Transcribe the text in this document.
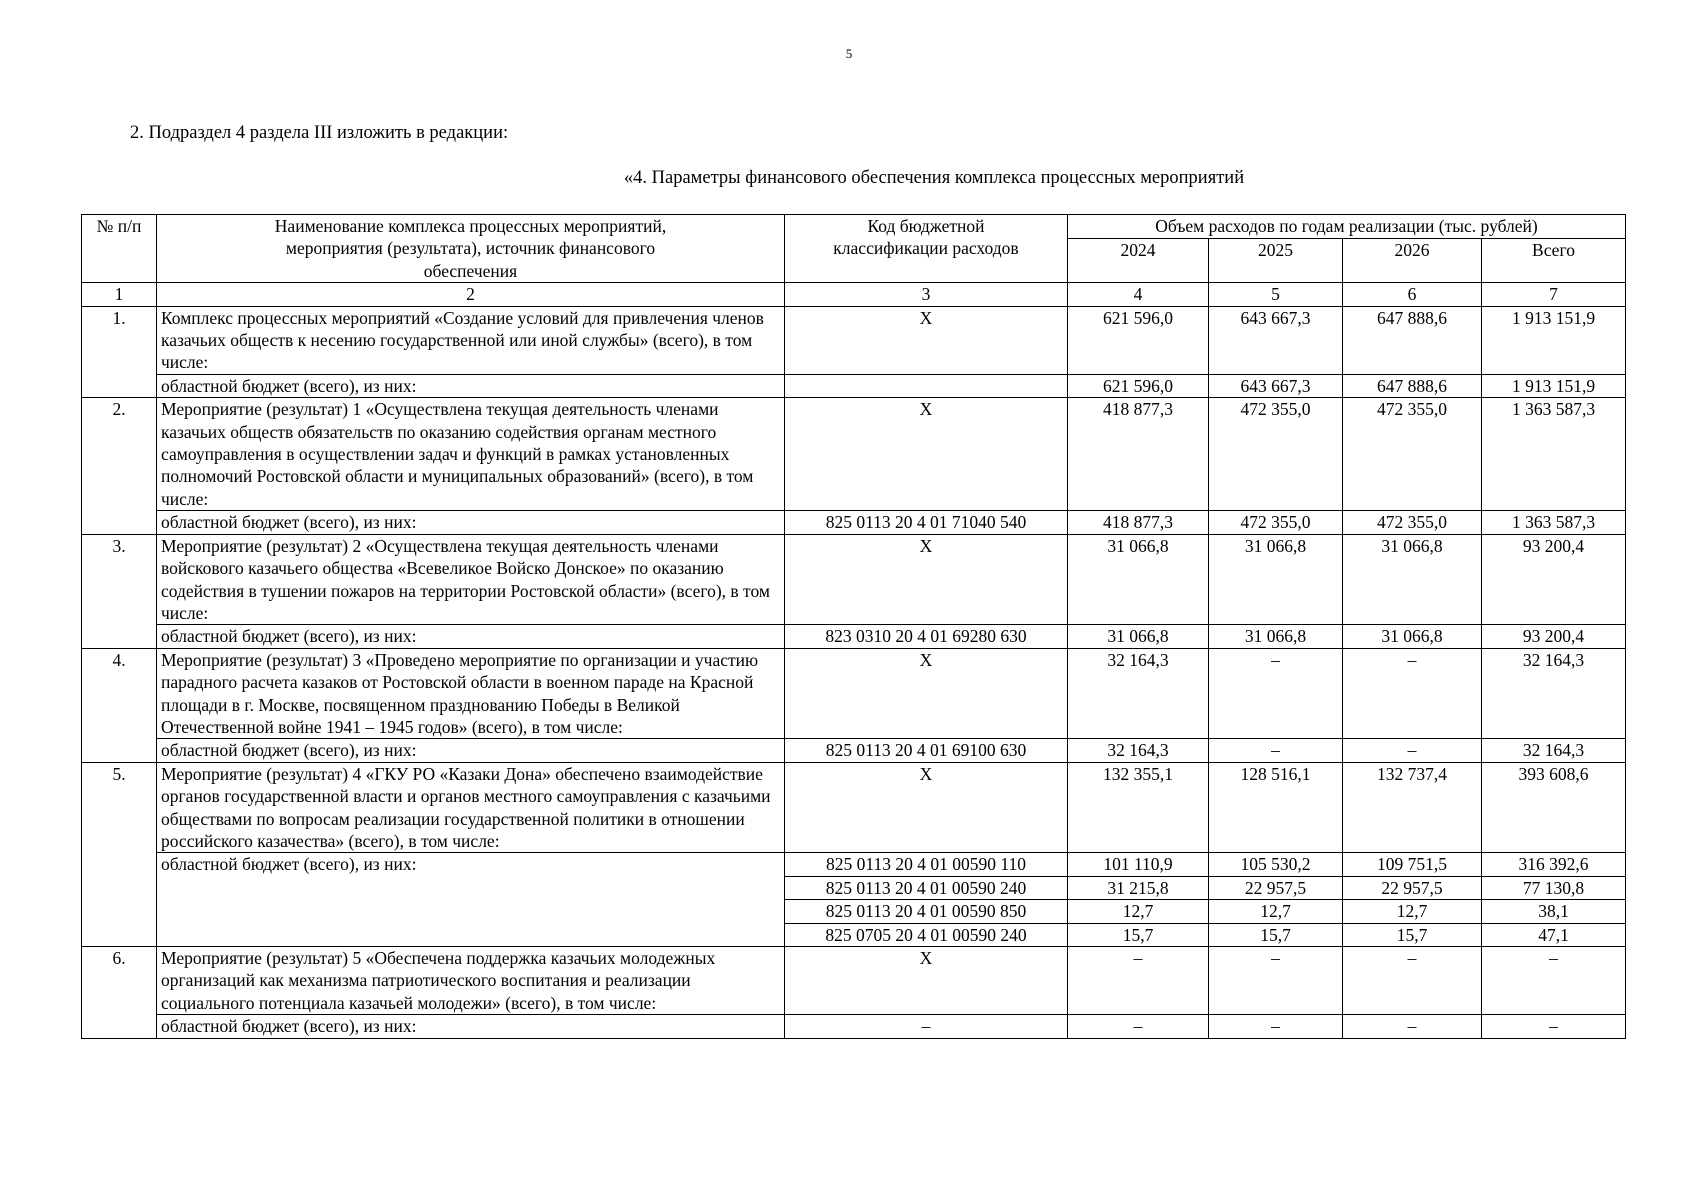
5
2. Подраздел 4 раздела III изложить в редакции:
«4. Параметры финансового обеспечения комплекса процессных мероприятий
№ п/п	Наименование комплекса процессных мероприятий, мероприятия (результата), источник финансового обеспечения	Код бюджетной классификации расходов	Объем расходов по годам реализации (тыс. рублей)			
			2024	2025	2026	Всего
1	2	3	4	5	6	7
1.	Комплекс процессных мероприятий «Создание условий для привлечения членов казачьих обществ к несению государственной или иной службы» (всего), в том числе:	X	621 596,0	643 667,3	647 888,6	1 913 151,9
	областной бюджет (всего), из них:		621 596,0	643 667,3	647 888,6	1 913 151,9
2.	Мероприятие (результат) 1 «Осуществлена текущая деятельность членами казачьих обществ обязательств по оказанию содействия органам местного самоуправления в осуществлении задач и функций в рамках установленных полномочий Ростовской области и муниципальных образований» (всего), в том числе:	X	418 877,3	472 355,0	472 355,0	1 363 587,3
	областной бюджет (всего), из них:	825 0113 20 4 01 71040 540	418 877,3	472 355,0	472 355,0	1 363 587,3
3.	Мероприятие (результат) 2 «Осуществлена текущая деятельность членами войскового казачьего общества «Всевеликое Войско Донское» по оказанию содействия в тушении пожаров на территории Ростовской области» (всего), в том числе:	X	31 066,8	31 066,8	31 066,8	93 200,4
	областной бюджет (всего), из них:	823 0310 20 4 01 69280 630	31 066,8	31 066,8	31 066,8	93 200,4
4.	Мероприятие (результат) 3 «Проведено мероприятие по организации и участию парадного расчета казаков от Ростовской области в военном параде на Красной площади в г. Москве, посвященном празднованию Победы в Великой Отечественной войне 1941 – 1945 годов» (всего), в том числе:	X	32 164,3	–	–	32 164,3
	областной бюджет (всего), из них:	825 0113 20 4 01 69100 630	32 164,3	–	–	32 164,3
5.	Мероприятие (результат) 4 «ГКУ РО «Казаки Дона» обеспечено взаимодействие органов государственной власти и органов местного самоуправления с казачьими обществами по вопросам реализации государственной политики в отношении российского казачества» (всего), в том числе:	X	132 355,1	128 516,1	132 737,4	393 608,6
	областной бюджет (всего), из них:	825 0113 20 4 01 00590 110	101 110,9	105 530,2	109 751,5	316 392,6
		825 0113 20 4 01 00590 240	31 215,8	22 957,5	22 957,5	77 130,8
		825 0113 20 4 01 00590 850	12,7	12,7	12,7	38,1
		825 0705 20 4 01 00590 240	15,7	15,7	15,7	47,1
6.	Мероприятие (результат) 5 «Обеспечена поддержка казачьих молодежных организаций как механизма патриотического воспитания и реализации социального потенциала казачьей молодежи» (всего), в том числе:	X	–	–	–	–
	областной бюджет (всего), из них:	–	–	–	–	–
